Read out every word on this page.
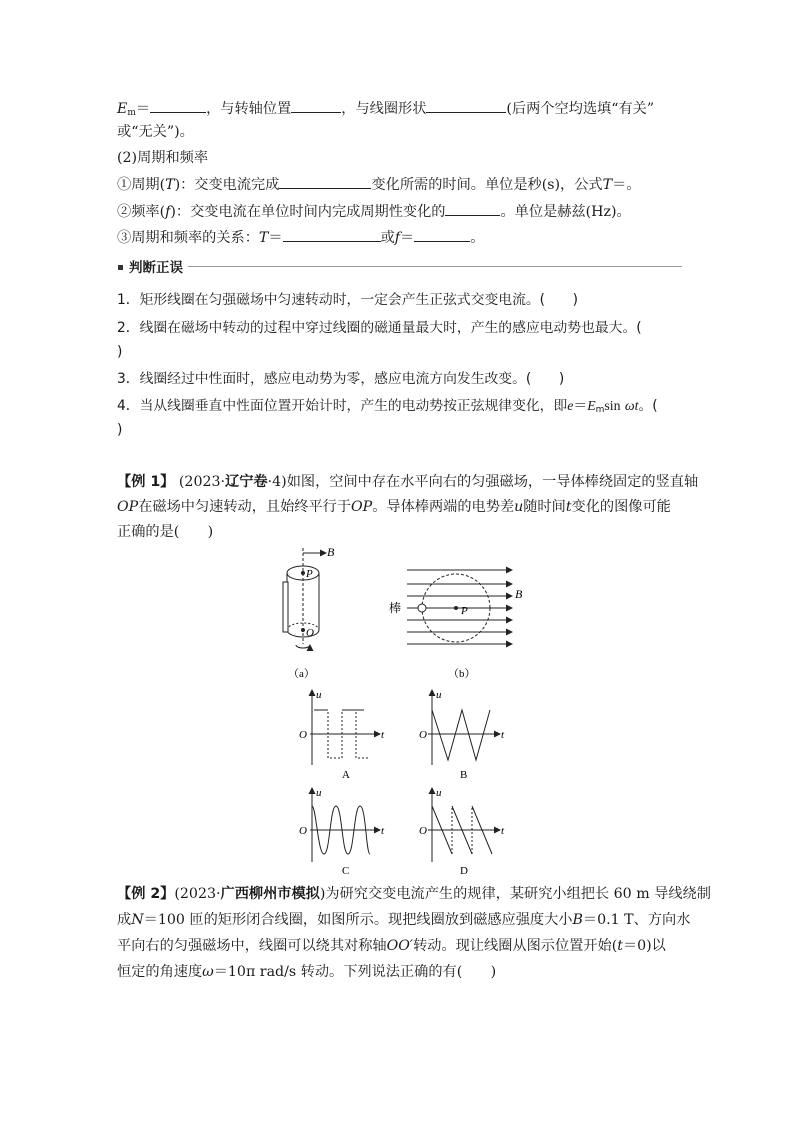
$E_m=$	，与转轴位置	，与线圈形状	(后两个空均选填“有关”
或“无关”)。
(2)周期和频率
①周期(T)：交变电流完成	变化所需的时间。单位是秒(s)，公式T＝。
②频率(f)：交变电流在单位时间内完成周期性变化的	。单位是赫兹(Hz)。
③周期和频率的关系：T＝	或f＝	。
判断正误
1．矩形线圈在匀强磁场中匀速转动时，一定会产生正弦式交变电流。(　　)
2．线圈在磁场中转动的过程中穿过线圈的磁通量最大时，产生的感应电动势也最大。(
)
3．线圈经过中性面时，感应电动势为零，感应电流方向发生改变。(　　)
4．当从线圈垂直中性面位置开始计时，产生的电动势按正弦规律变化，即$e=E_m\sin$ ωt。(
)
【例 1】 (2023·辽宁卷·4)如图，空间中存在水平向右的匀强磁场，一导体棒绕固定的竖直轴
OP在磁场中匀速转动，且始终平行于OP。导体棒两端的电势差u随时间t变化的图像可能
正确的是(　　)
B
P
O
（a）
B
P
棒
（b）
u
O	t
A
u
O	t
B
u
O	t
C
u
O	t
D
【例 2】(2023·广西柳州市模拟)为研究交变电流产生的规律，某研究小组把长 60 m 导线绕制
成N＝100 匝的矩形闭合线圈，如图所示。现把线圈放到磁感应强度大小B＝0.1 T、方向水
平向右的匀强磁场中，线圈可以绕其对称轴OO′转动。现让线圈从图示位置开始(t＝0)以
恒定的角速度ω＝10π rad/s 转动。下列说法正确的有(　　)
